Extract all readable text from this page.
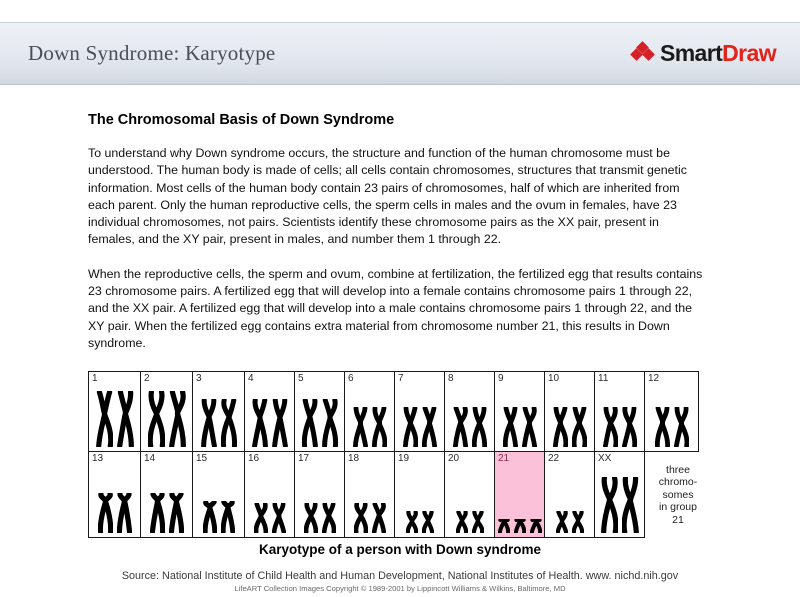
Down Syndrome: Karyotype	SmartDraw
The Chromosomal Basis of Down Syndrome

To understand why Down syndrome occurs, the structure and function of the human chromosome must be understood. The human body is made of cells; all cells contain chromosomes, structures that transmit genetic information. Most cells of the human body contain 23 pairs of chromosomes, half of which are inherited from each parent. Only the human reproductive cells, the sperm cells in males and the ovum in females, have 23 individual chromosomes, not pairs. Scientists identify these chromosome pairs as the XX pair, present in females, and the XY pair, present in males, and number them 1 through 22.

When the reproductive cells, the sperm and ovum, combine at fertilization, the fertilized egg that results contains 23 chromosome pairs. A fertilized egg that will develop into a female contains chromosome pairs 1 through 22, and the XX pair. A fertilized egg that will develop into a male contains chromosome pairs 1 through 22, and the XY pair. When the fertilized egg contains extra material from chromosome number 21, this results in Down syndrome.

1	2	3	4	5	6	7	8	9	10	11	12
13	14	15	16	17	18	19	20	21	22	XX
three
chromo-
somes
in group
21
Karyotype of a person with Down syndrome
Source: National Institute of Child Health and Human Development, National Institutes of Health. www. nichd.nih.gov
LifeART Collection Images Copyright © 1989-2001 by Lippincott Williams & Wilkins, Baltimore, MD
